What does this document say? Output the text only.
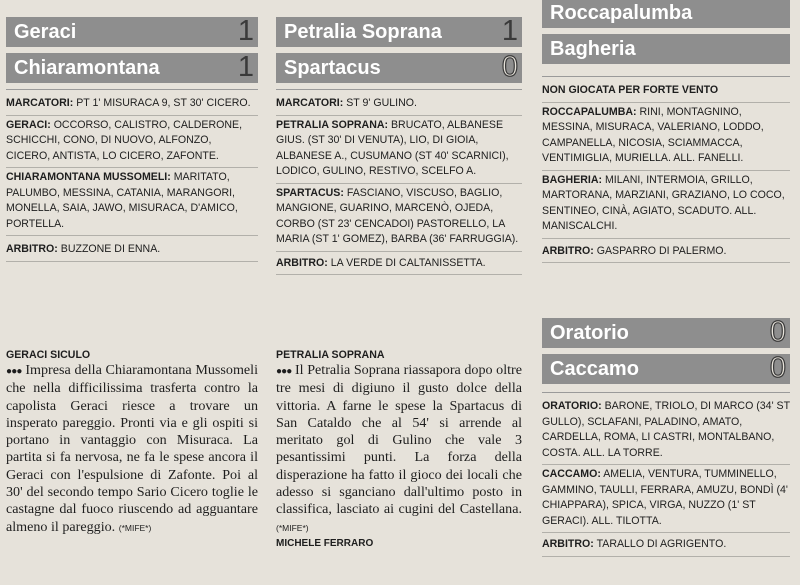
Geraci	1
Chiaramontana	1
MARCATORI: PT 1' MISURACA 9, ST 30' CICERO.
GERACI: OCCORSO, CALISTRO, CALDERONE, SCHICCHI, CONO, DI NUOVO, ALFONZO, CICERO, ANTISTA, LO CICERO, ZAFONTE.
CHIARAMONTANA MUSSOMELI: MARITATO, PALUMBO, MESSINA, CATANIA, MARANGORI, MONELLA, SAIA, JAWO, MISURACA, D'AMICO, PORTELLA.
ARBITRO: BUZZONE DI ENNA.
GERACI SICULO
●●● Impresa della Chiaramontana Mussomeli che nella difficilissima trasferta contro la capolista Geraci riesce a trovare un insperato pareggio. Pronti via e gli ospiti si portano in vantaggio con Misuraca. La partita si fa nervosa, ne fa le spese ancora il Geraci con l'espulsione di Zafonte. Poi al 30' del secondo tempo Sario Cicero toglie le castagne dal fuoco riuscendo ad agguantare almeno il pareggio. (*MIFE*)
Petralia Soprana 1
Spartacus	0
MARCATORI: ST 9' GULINO.
PETRALIA SOPRANA: BRUCATO, ALBANESE GIUS. (ST 30' DI VENUTA), LIO, DI GIOIA, ALBANESE A., CUSUMANO (ST 40' SCARNICI), LODICO, GULINO, RESTIVO, SCELFO A.
SPARTACUS: FASCIANO, VISCUSO, BAGLIO, MANGIONE, GUARINO, MARCENÒ, OJEDA, CORBO (ST 23' CENCADOI) PASTORELLO, LA MARIA (ST 1' GOMEZ), BARBA (36' FARRUGGIA).
ARBITRO: LA VERDE DI CALTANISSETTA.
PETRALIA SOPRANA
●●● Il Petralia Soprana riassapora dopo oltre tre mesi di digiuno il gusto dolce della vittoria. A farne le spese la Spartacus di San Cataldo che al 54' si arrende al meritato gol di Gulino che vale 3 pesantissimi punti. La forza della disperazione ha fatto il gioco dei locali che adesso si sganciano dall'ultimo posto in classifica, lasciato ai cugini del Castellana. (*MIFE*)
MICHELE FERRARO
Roccapalumba
Bagheria
NON GIOCATA PER FORTE VENTO
ROCCAPALUMBA: RINI, MONTAGNINO, MESSINA, MISURACA, VALERIANO, LODDO, CAMPANELLA, NICOSIA, SCIAMMACCA, VENTIMIGLIA, MURIELLA. ALL. FANELLI.
BAGHERIA: MILANI, INTERMOIA, GRILLO, MARTORANA, MARZIANI, GRAZIANO, LO COCO, SENTINEO, CINÀ, AGIATO, SCADUTO. ALL. MANISCALCHI.
ARBITRO: GASPARRO DI PALERMO.
Oratorio	0
Caccamo	0
ORATORIO: BARONE, TRIOLO, DI MARCO (34' ST GULLO), SCLAFANI, PALADINO, AMATO, CARDELLA, ROMA, LI CASTRI, MONTALBANO, COSTA. ALL. LA TORRE.
CACCAMO: AMELIA, VENTURA, TUMMINELLO, GAMMINO, TAULLI, FERRARA, AMUZU, BONDÌ (4' CHIAPPARA), SPICA, VIRGA, NUZZO (1' ST GERACI). ALL. TILOTTA.
ARBITRO: TARALLO DI AGRIGENTO.
